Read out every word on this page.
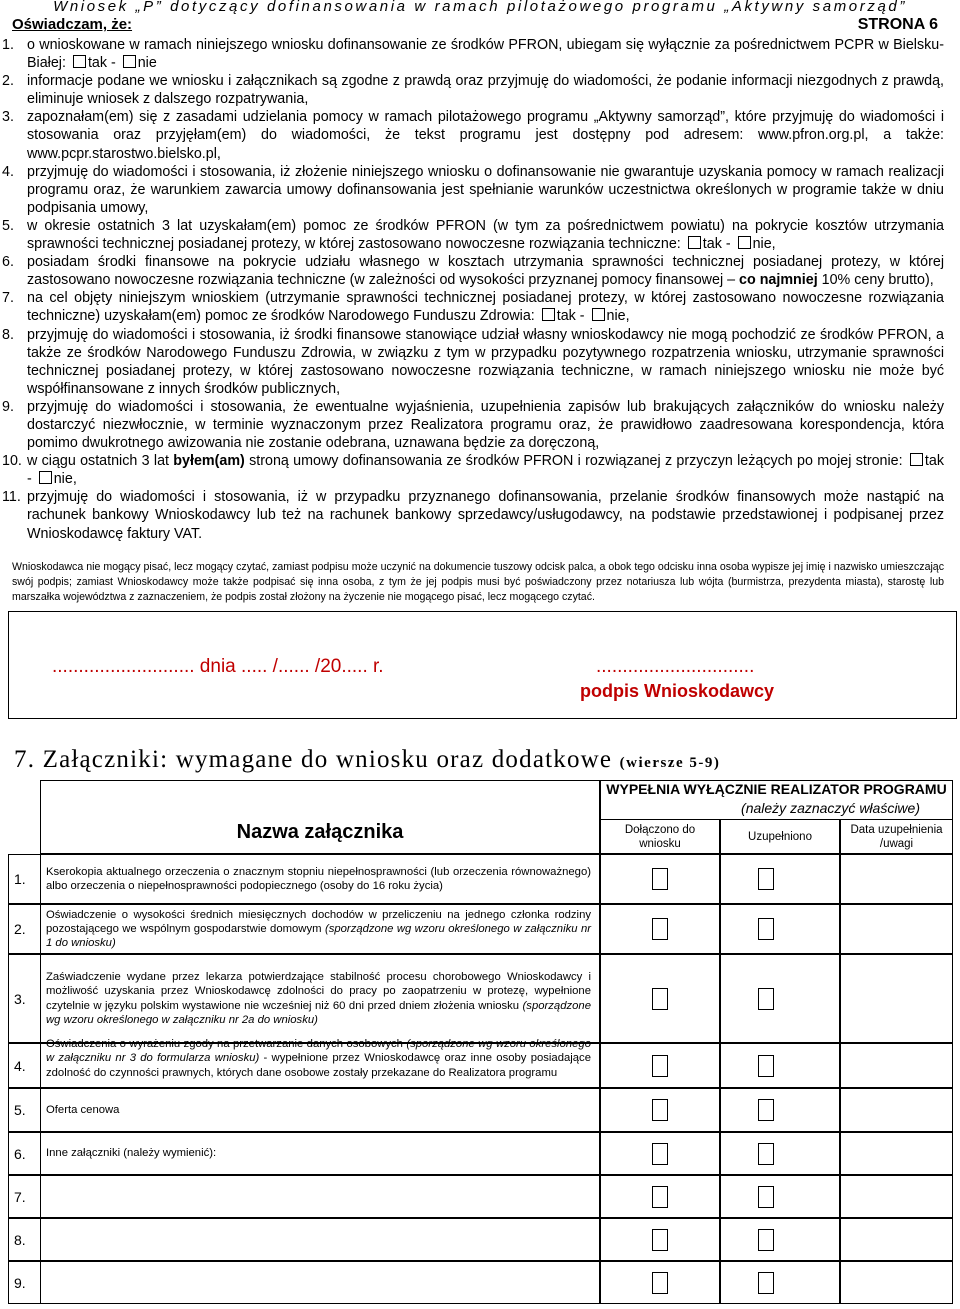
Wniosek „P” dotyczący dofinansowania w ramach pilotażowego programu „Aktywny samorząd”
Oświadczam, że:	STRONA 6
1. o wnioskowane w ramach niniejszego wniosku dofinansowanie ze środków PFRON, ubiegam się wyłącznie za pośrednictwem PCPR w Bielsku-Białej: tak - nie
2. informacje podane we wniosku i załącznikach są zgodne z prawdą oraz przyjmuję do wiadomości, że podanie informacji niezgodnych z prawdą, eliminuje wniosek z dalszego rozpatrywania,
3. zapoznałam(em) się z zasadami udzielania pomocy w ramach pilotażowego programu „Aktywny samorząd”, które przyjmuję do wiadomości i stosowania oraz przyjęłam(em) do wiadomości, że tekst programu jest dostępny pod adresem: www.pfron.org.pl, a także: www.pcpr.starostwo.bielsko.pl,
4. przyjmuję do wiadomości i stosowania, iż złożenie niniejszego wniosku o dofinansowanie nie gwarantuje uzyskania pomocy w ramach realizacji programu oraz, że warunkiem zawarcia umowy dofinansowania jest spełnianie warunków uczestnictwa określonych w programie także w dniu podpisania umowy,
5. w okresie ostatnich 3 lat uzyskałam(em) pomoc ze środków PFRON (w tym za pośrednictwem powiatu) na pokrycie kosztów utrzymania sprawności technicznej posiadanej protezy, w której zastosowano nowoczesne rozwiązania techniczne: tak - nie,
6. posiadam środki finansowe na pokrycie udziału własnego w kosztach utrzymania sprawności technicznej posiadanej protezy, w której zastosowano nowoczesne rozwiązania techniczne (w zależności od wysokości przyznanej pomocy finansowej – co najmniej 10% ceny brutto),
7. na cel objęty niniejszym wnioskiem (utrzymanie sprawności technicznej posiadanej protezy, w której zastosowano nowoczesne rozwiązania techniczne) uzyskałam(em) pomoc ze środków Narodowego Funduszu Zdrowia: tak - nie,
8. przyjmuję do wiadomości i stosowania, iż środki finansowe stanowiące udział własny wnioskodawcy nie mogą pochodzić ze środków PFRON, a także ze środków Narodowego Funduszu Zdrowia, w związku z tym w przypadku pozytywnego rozpatrzenia wniosku, utrzymanie sprawności technicznej posiadanej protezy, w której zastosowano nowoczesne rozwiązania techniczne, w ramach niniejszego wniosku nie może być współfinansowane z innych środków publicznych,
9. przyjmuję do wiadomości i stosowania, że ewentualne wyjaśnienia, uzupełnienia zapisów lub brakujących załączników do wniosku należy dostarczyć niezwłocznie, w terminie wyznaczonym przez Realizatora programu oraz, że prawidłowo zaadresowana korespondencja, która pomimo dwukrotnego awizowania nie zostanie odebrana, uznawana będzie za doręczoną,
10. w ciągu ostatnich 3 lat byłem(am) stroną umowy dofinansowania ze środków PFRON i rozwiązanej z przyczyn leżących po mojej stronie: tak - nie,
11. przyjmuję do wiadomości i stosowania, iż w przypadku przyznanego dofinansowania, przelanie środków finansowych może nastąpić na rachunek bankowy Wnioskodawcy lub też na rachunek bankowy sprzedawcy/usługodawcy, na podstawie przedstawionej i podpisanej przez Wnioskodawcę faktury VAT.
Wnioskodawca nie mogący pisać, lecz mogący czytać, zamiast podpisu może uczynić na dokumencie tuszowy odcisk palca, a obok tego odcisku inna osoba wypisze jej imię i nazwisko umieszczając swój podpis; zamiast Wnioskodawcy może także podpisać się inna osoba, z tym że jej podpis musi być poświadczony przez notariusza lub wójta (burmistrza, prezydenta miasta), starostę lub marszałka województwa z zaznaczeniem, że podpis został złożony na życzenie nie mogącego pisać, lecz mogącego czytać.
........................... dnia ..... /...... /20..... r.	..............................
podpis Wnioskodawcy
7. Załączniki: wymagane do wniosku oraz dodatkowe (wiersze 5-9)
Nazwa załącznika
WYPEŁNIA WYŁĄCZNIE REALIZATOR PROGRAMU
(należy zaznaczyć właściwe)
Dołączono do wniosku
Uzupełniono
Data uzupełnienia /uwagi
1. Kserokopia aktualnego orzeczenia o znacznym stopniu niepełnosprawności (lub orzeczenia równoważnego) albo orzeczenia o niepełnosprawności podopiecznego (osoby do 16 roku życia)
2.
Oświadczenie o wysokości średnich miesięcznych dochodów w przeliczeniu na jednego członka rodziny pozostającego we wspólnym gospodarstwie domowym (sporządzone wg wzoru określonego w załączniku nr 1 do wniosku)
3.
Zaświadczenie wydane przez lekarza potwierdzające stabilność procesu chorobowego Wnioskodawcy i możliwość uzyskania przez Wnioskodawcę zdolności do pracy po zaopatrzeniu w protezę, wypełnione czytelnie w języku polskim wystawione nie wcześniej niż 60 dni przed dniem złożenia wniosku (sporządzone wg wzoru określonego w załączniku nr 2a do wniosku)
4.
Oświadczenia o wyrażeniu zgody na przetwarzanie danych osobowych (sporządzone wg wzoru określonego w załączniku nr 3 do formularza wniosku) - wypełnione przez Wnioskodawcę oraz inne osoby posiadające zdolność do czynności prawnych, których dane osobowe zostały przekazane do Realizatora programu
5. Oferta cenowa
6. Inne załączniki (należy wymienić):
7.
8.
9.
